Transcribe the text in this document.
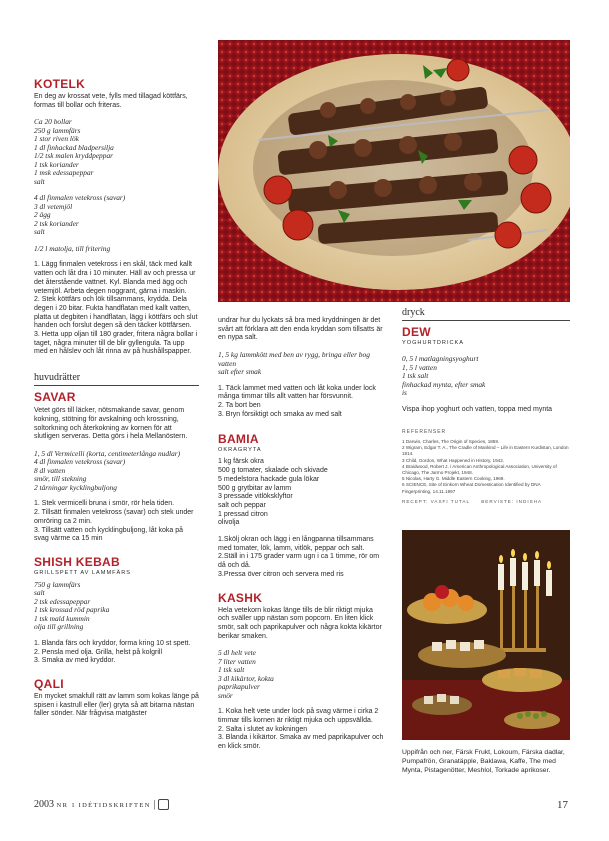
KOTELK

En deg av krossat vete, fylls med tillagad köttfärs, formas till bollar och friteras.

Ca 20 bollar

250 g lammfärs

1 stor riven lök

1 dl finhackad bladpersilja

1/2 tsk malen kryddpeppar

1 tsk koriander

1 msk edessapeppar

salt

4 dl finmalen vetekross (savar)

3 dl vetemjöl

2 ägg

2 tsk koriander

salt

1/2 l matolja, till fritering

1. Lägg finmalen vetekross i en skål, täck med kallt vatten och låt dra i 10 minuter. Häll av och pressa ur det återstående vattnet. Kyl. Blanda med ägg och vetemjöl. Arbeta degen noggrant, gärna i maskin.
2. Stek köttfärs och lök tillsammans, krydda. Dela degen i 20 bitar. Fukta handflatan med kallt vatten, platta ut degbiten i handflatan, lägg i köttfärs och slut handen och forslut degen så den täcker köttfärsen.
3. Hetta upp oljan till 180 grader, fritera några bollar i taget, några minuter till de blir gyllengula. Ta upp med en hålslev och låt rinna av på hushållspapper.

huvudrätter
SAVAR

Vetet görs till läcker, nötsmakande savar, genom kokning, stötning för avskalning och krossning, soltorkning och återkokning av kornen för att slutligen serveras. Detta görs i hela Mellanöstern.

1, 5 dl Vermicelli (korta, centimeterlånga nudlar)

4 dl finmalen vetekross (savar)

8 dl vatten

smör, till stekning

2 tärningar kycklingbuljong

1. Stek vermicelli bruna i smör, rör hela tiden.
2. Tillsätt finmalen vetekross (savar) och stek under omröring ca 2 min.
3. Tillsätt vatten och kycklingbuljong, låt koka på svag värme ca 15 min

SHISH KEBAB
GRILLSPETT AV LAMMFÄRS

750 g lammfärs

salt

2 tsk edessapeppar

1 tsk krossad röd paprika

1 tsk mald kummin

olja till grillning

1. Blanda färs och kryddor, forma kring 10 st spett.
2. Pensla med olja. Grilla, helst på kolgrill
3. Smaka av med kryddor.

QALI

En mycket smakfull rätt av lamm som kokas länge på spisen i kastrull eller (ler) gryta så att bitarna nästan faller sönder. När frågvisa matgäster

undrar hur du lyckats så bra med kryddningen är det svårt att förklara att den enda kryddan som tillsatts är en nypa salt.

1, 5 kg lammkött med ben av rygg, bringa eller bog

vatten

salt efter smak

1. Täck lammet med vatten och låt koka under lock många timmar tills allt vatten har försvunnit.
2. Ta bort ben
3. Bryn försiktigt och smaka av med salt

BAMIA
OKRAGRYTA

1 kg färsk okra

500 g tomater, skalade och skivade

5 medelstora hackade gula lökar

500 g grytbitar av lamm

3 pressade vitlöksklyftor

salt och peppar

1 pressad citron

olivolja

1.Skölj okran och lägg i en långpanna tillsammans med tomater, lök, lamm, vitlök, peppar och salt.
2.Ställ in i 175 grader varm ugn i ca 1 timme, rör om då och då.
3.Pressa över citron och servera med ris

KASHK

Hela vetekorn kokas länge tills de blir riktigt mjuka och sväller upp nästan som popcorn. En liten klick smör, salt och paprikapulver och några kokta kikärtor berikar smaken.

5 dl helt vete

7 liter vatten

1 tsk salt

3 dl kikärtor, kokta

paprikapulver

smör

1. Koka helt vete under lock på svag värme i cirka 2 timmar tills kornen är riktigt mjuka och uppsvällda.
2. Salta i slutet av kokningen
3. Blanda i kikärtor. Smaka av med paprikapulver och en klick smör.

dryck
DEW
YOGHURTDRICKA

0, 5 l matlagningsyoghurt

1, 5 l vatten

1 tsk salt

finhackad mynta, efter smak

is

Vispa ihop yoghurt och vatten, toppa med mynta

REFERENSER

1 Darwin, Charles, The Origin of Species, 1859.

2 Wigram, Edgar T. A., The Cradle of Mankind – Life in Eastern Kurdistan, London 1914.

3 Child, Gordon, What Happened in History, 1942.

4 Braidwood, Robert J. / American Anthropological Association, University of Chicago, The Jarmo Projekt, 1948.

5 Nicolas, Harty G. Middle Eastern Cooking, 1969.

6 SCIENCE, Site of Einkorn Wheat Domestication Identified by DNA Fingerprinting, 14.11.1997

RECEPT: VASFI TUTAL     BERVISTE: INDISHA

Uppifrån och ner, Färsk Frukt, Lokoum, Färska dadlar, Pumpafrön, Granatäpple, Baklawa, Kaffe, The med Mynta, Pistagenötter, Meshlol, Torkade aprikoser.

2003 NR 1 IDÉTIDSKRIFTEN |	17
